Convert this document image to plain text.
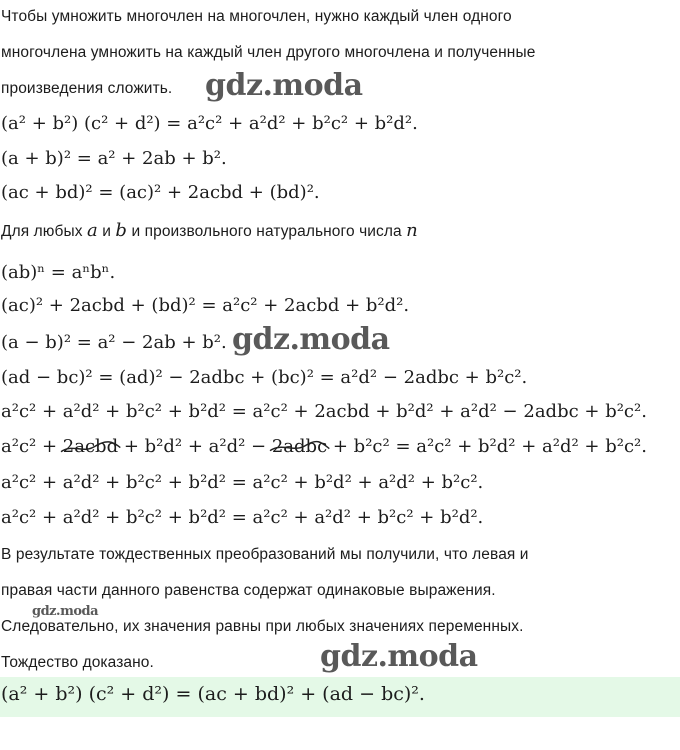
Чтобы умножить многочлен на многочлен, нужно каждый член одного
многочлена умножить на каждый член другого многочлена и полученные
произведения сложить.
(a² + b²) (c² + d²) = a²c² + a²d² + b²c² + b²d².
(a + b)² = a² + 2ab + b².
(ac + bd)² = (ac)² + 2acbd + (bd)².
Для любых a и b и произвольного натурального числа n
(ab)ⁿ = aⁿbⁿ.
(ac)² + 2acbd + (bd)² = a²c² + 2acbd + b²d².
(a − b)² = a² − 2ab + b².
(ad − bc)² = (ad)² − 2adbc + (bc)² = a²d² − 2adbc + b²c².
a²c² + a²d² + b²c² + b²d² = a²c² + 2acbd + b²d² + a²d² − 2adbc + b²c².
a²c² + 2acbd
+ b²d² + a²d² − 2adbc
+ b²c² = a²c² + b²d² + a²d² + b²c².
a²c² + a²d² + b²c² + b²d² = a²c² + b²d² + a²d² + b²c².
a²c² + a²d² + b²c² + b²d² = a²c² + a²d² + b²c² + b²d².
В результате тождественных преобразований мы получили, что левая и
правая части данного равенства содержат одинаковые выражения.
Следовательно, их значения равны при любых значениях переменных.
Тождество доказано.
(a² + b²) (c² + d²) = (ac + bd)² + (ad − bc)².
gdz.moda
gdz.moda
gdz.moda
gdz.moda
